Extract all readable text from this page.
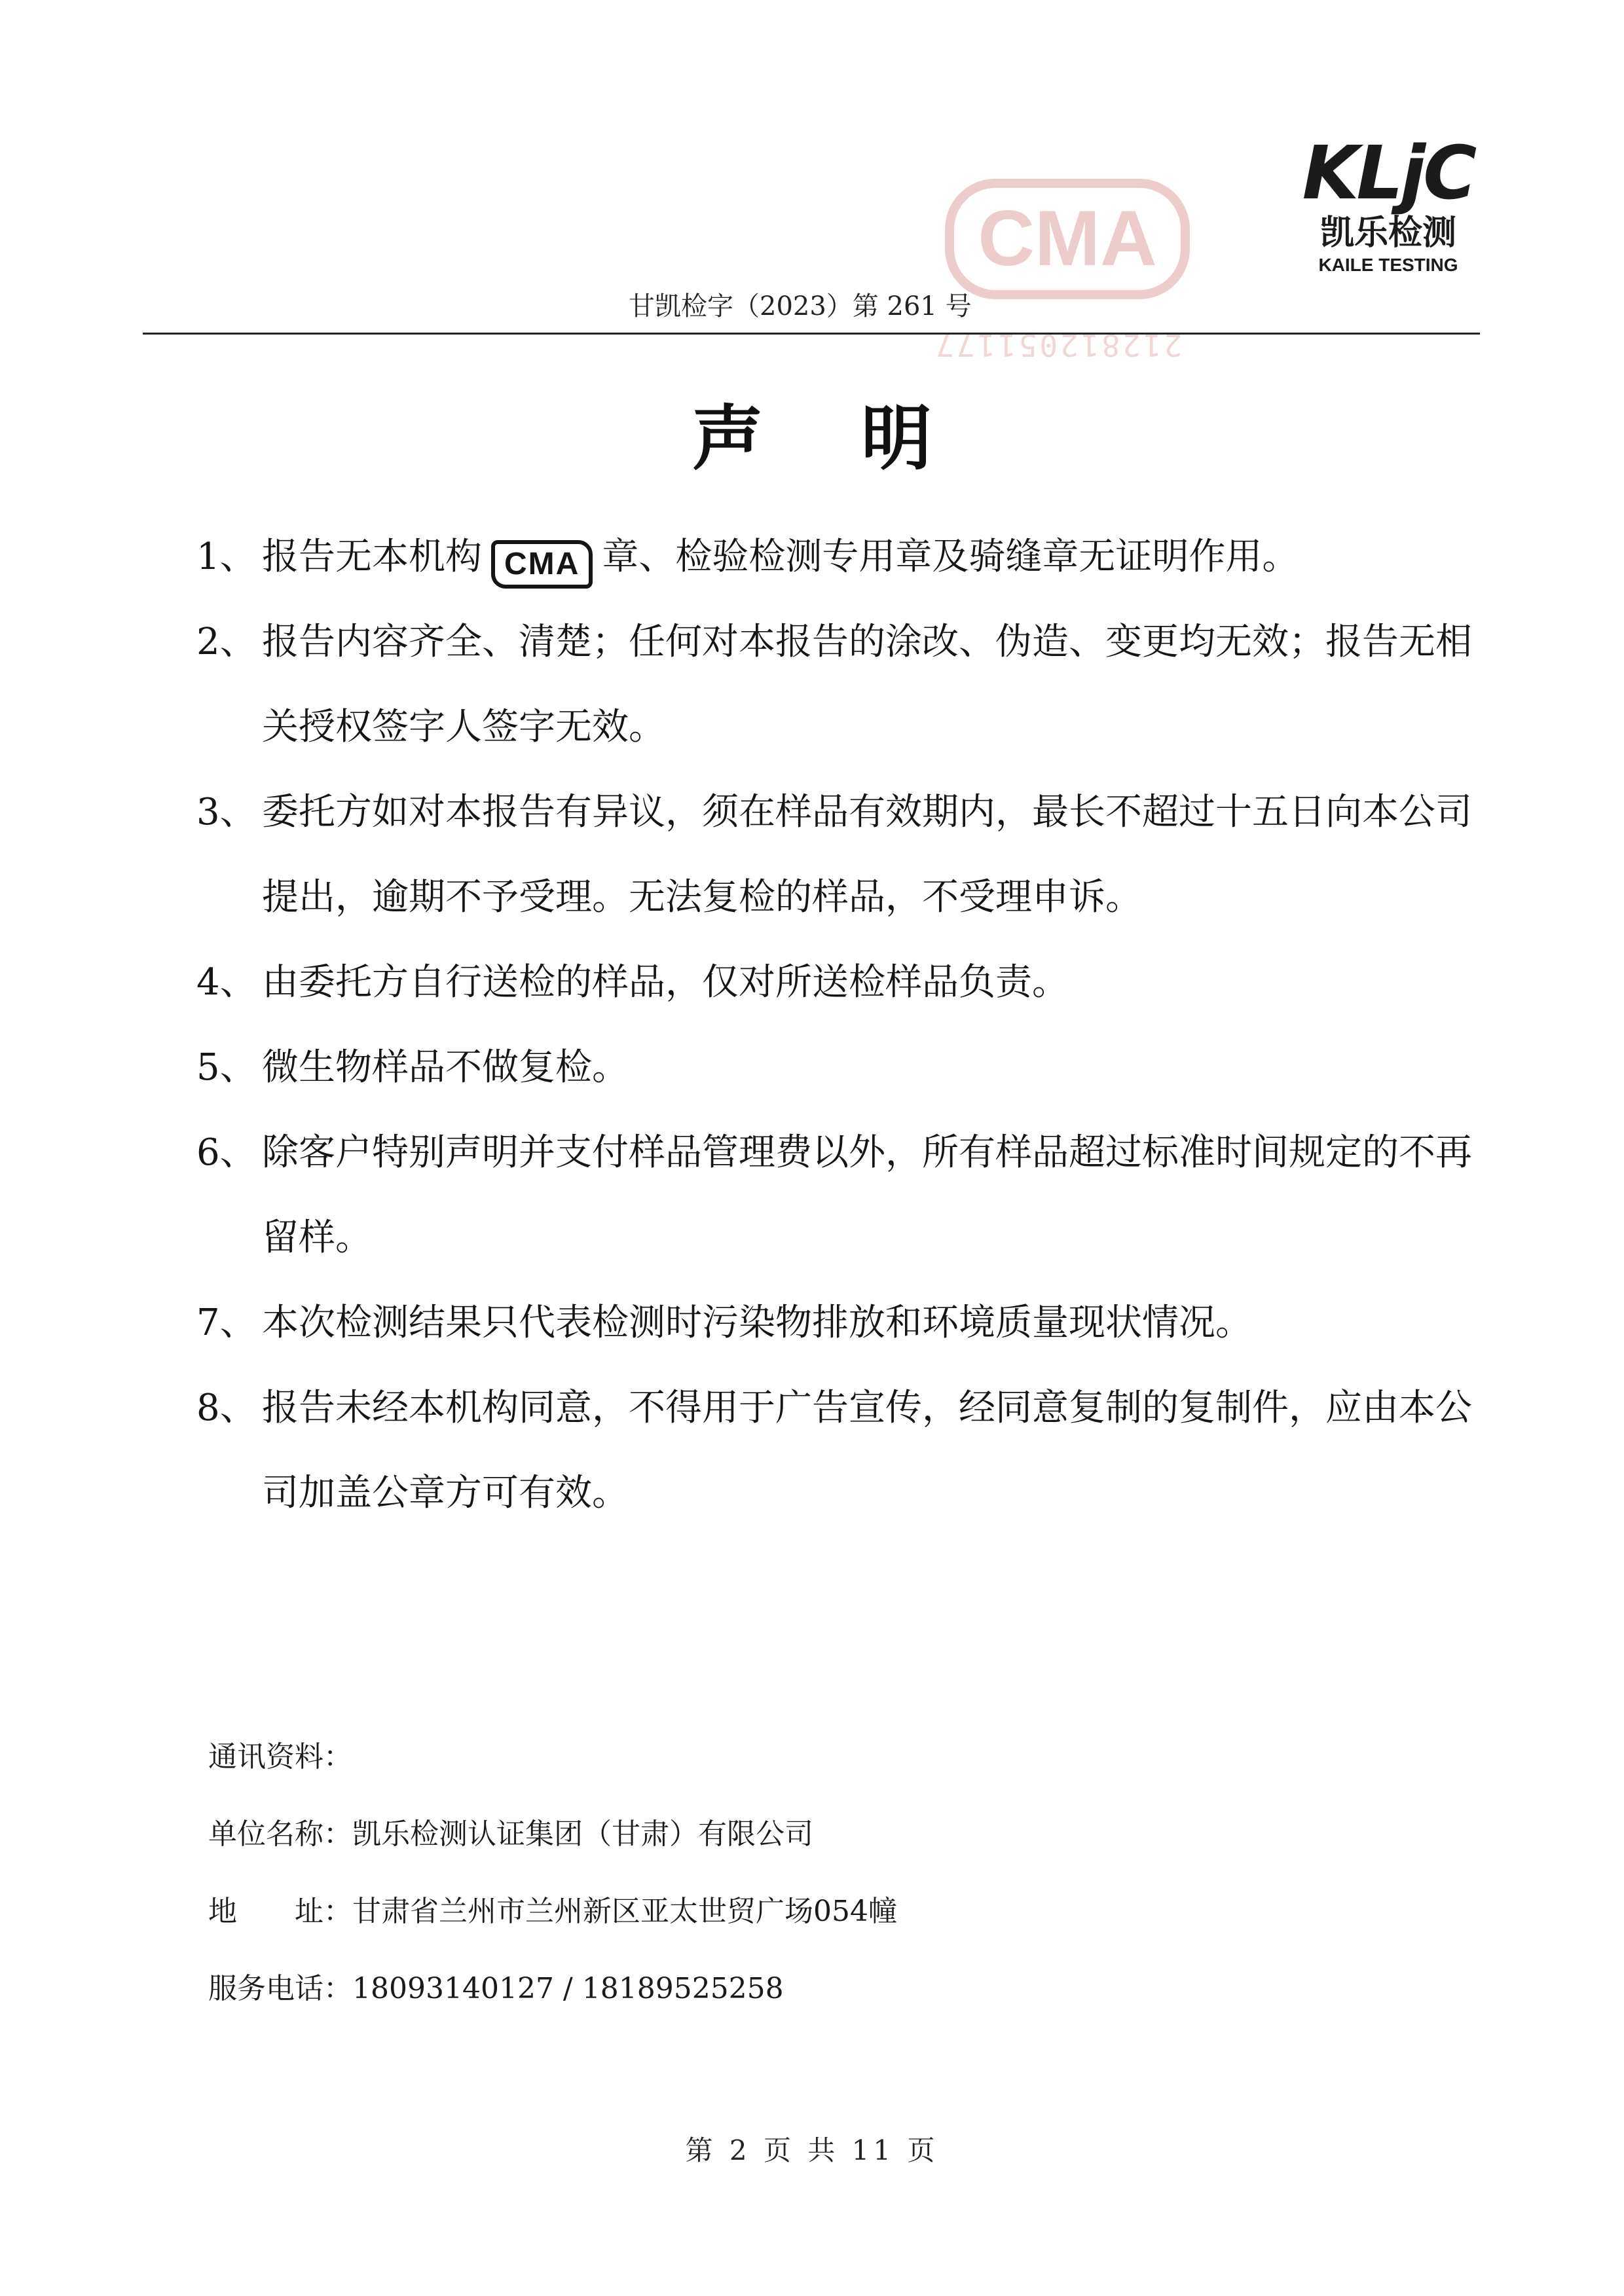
KLjC
凯乐检测
KAILE TESTING
CMA
212812051177
甘凯检字（2023）第 261 号
声明
1、 报告无本机构 CMA 章、检验检测专用章及骑缝章无证明作用。
2、 报告内容齐全、清楚；任何对本报告的涂改、伪造、变更均无效；报告无相关授权签字人签字无效。
3、 委托方如对本报告有异议，须在样品有效期内，最长不超过十五日向本公司提出，逾期不予受理。无法复检的样品，不受理申诉。
4、 由委托方自行送检的样品，仅对所送检样品负责。
5、 微生物样品不做复检。
6、 除客户特别声明并支付样品管理费以外，所有样品超过标准时间规定的不再留样。
7、 本次检测结果只代表检测时污染物排放和环境质量现状情况。
8、 报告未经本机构同意，不得用于广告宣传，经同意复制的复制件，应由本公司加盖公章方可有效。
通讯资料：
单位名称：凯乐检测认证集团（甘肃）有限公司
地　　址：甘肃省兰州市兰州新区亚太世贸广场054幢
服务电话：18093140127 / 18189525258
第 2 页 共 11 页
